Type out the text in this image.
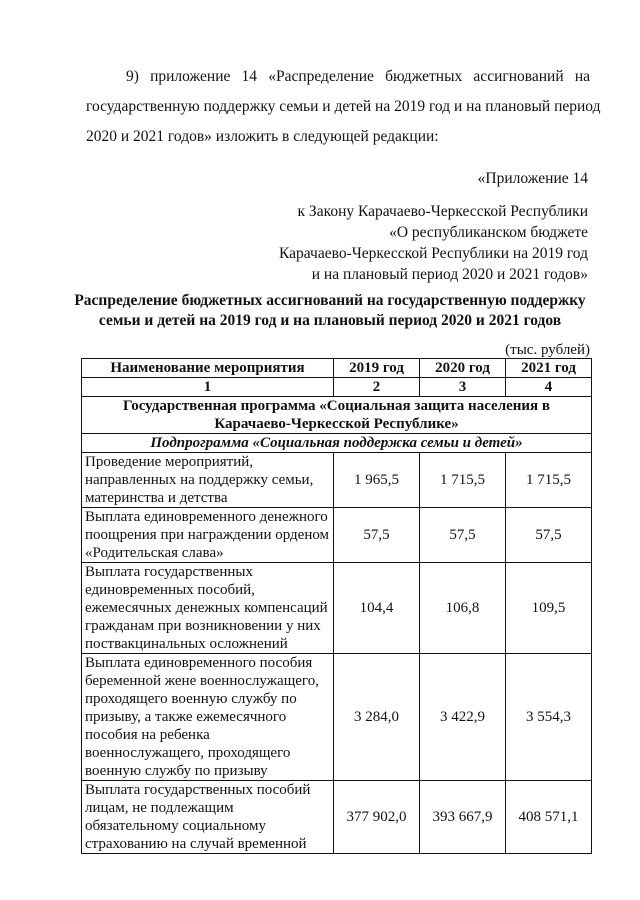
9) приложение 14 «Распределение бюджетных ассигнований на
государственную поддержку семьи и детей на 2019 год и на плановый период
2020 и 2021 годов» изложить в следующей редакции:
«Приложение 14
к Закону Карачаево-Черкесской Республики
«О республиканском бюджете
Карачаево-Черкесской Республики на 2019 год
и на плановый период 2020 и 2021 годов»
Распределение бюджетных ассигнований на государственную поддержку
семьи и детей на 2019 год и на плановый период 2020 и 2021 годов
(тыс. рублей)
Наименование мероприятия	2019 год	2020 год	2021 год
1	2	3	4
Государственная программа «Социальная защита населения в Карачаево-Черкесской Республике»			
Подпрограмма «Социальная поддержка семьи и детей»			
Проведение мероприятий, направленных на поддержку семьи, материнства и детства	1 965,5	1 715,5	1 715,5
Выплата единовременного денежного поощрения при награждении орденом «Родительская слава»	57,5	57,5	57,5
Выплата государственных единовременных пособий, ежемесячных денежных компенсаций гражданам при возникновении у них поствакцинальных осложнений	104,4	106,8	109,5
Выплата единовременного пособия беременной жене военнослужащего, проходящего военную службу по призыву, а также ежемесячного пособия на ребенка военнослужащего, проходящего военную службу по призыву	3 284,0	3 422,9	3 554,3
Выплата государственных пособий лицам, не подлежащим обязательному социальному страхованию на случай временной	377 902,0	393 667,9	408 571,1
